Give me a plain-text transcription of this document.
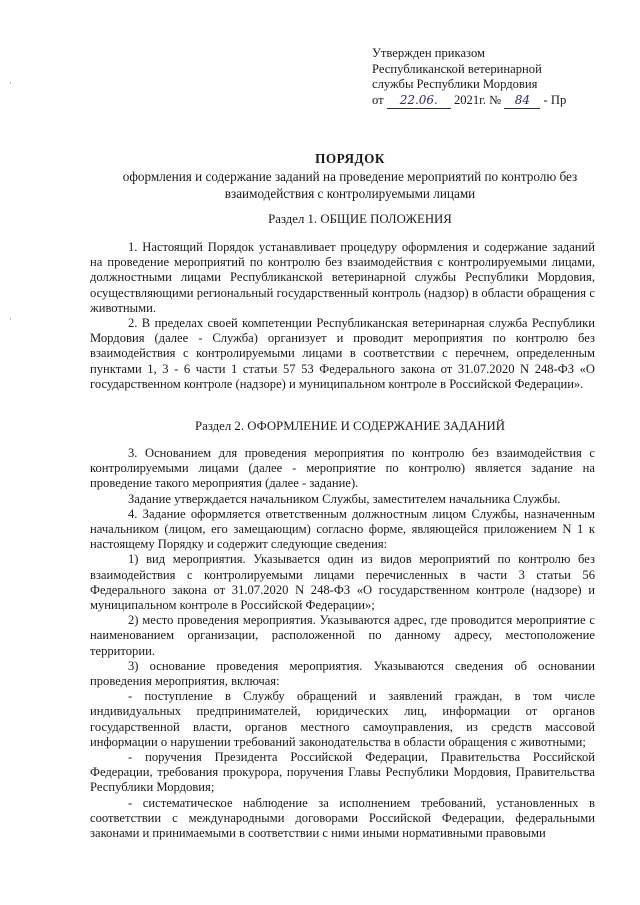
·
·
Утвержден приказом
Республиканской ветеринарной
службы Республики Мордовия
от 22.06. 2021г. № 84 - Пр

ПОРЯДОК

оформления и содержание заданий на проведение мероприятий по контролю без

взаимодействия с контролируемыми лицами

Раздел 1. ОБЩИЕ ПОЛОЖЕНИЯ

1. Настоящий Порядок устанавливает процедуру оформления и содержание заданий на проведение мероприятий по контролю без взаимодействия с контролируемыми лицами, должностными лицами Республиканской ветеринарной службы Республики Мордовия, осуществляющими региональный государственный контроль (надзор) в области обращения с животными.

2. В пределах своей компетенции Республиканская ветеринарная служба Республики Мордовия (далее - Служба) организует и проводит мероприятия по контролю без взаимодействия с контролируемыми лицами в соответствии с перечнем, определенным пунктами 1, 3 - 6 части 1 статьи 57 53 Федерального закона от 31.07.2020 N 248-ФЗ «О государственном контроле (надзоре) и муниципальном контроле в Российской Федерации».

Раздел 2. ОФОРМЛЕНИЕ И СОДЕРЖАНИЕ ЗАДАНИЙ

3. Основанием для проведения мероприятия по контролю без взаимодействия с контролируемыми лицами (далее - мероприятие по контролю) является задание на проведение такого мероприятия (далее - задание).

Задание утверждается начальником Службы, заместителем начальника Службы.

4. Задание оформляется ответственным должностным лицом Службы, назначенным начальником (лицом, его замещающим) согласно форме, являющейся приложением N 1 к настоящему Порядку и содержит следующие сведения:

1) вид мероприятия. Указывается один из видов мероприятий по контролю без взаимодействия с контролируемыми лицами перечисленных в части 3 статьи 56 Федерального закона от 31.07.2020 N 248-ФЗ «О государственном контроле (надзоре) и муниципальном контроле в Российской Федерации»;

2) место проведения мероприятия. Указываются адрес, где проводится мероприятие с наименованием организации, расположенной по данному адресу, местоположение территории.

3) основание проведения мероприятия. Указываются сведения об основании проведения мероприятия, включая:

- поступление в Службу обращений и заявлений граждан, в том числе индивидуальных предпринимателей, юридических лиц, информации от органов государственной власти, органов местного самоуправления, из средств массовой информации о нарушении требований законодательства в области обращения с животными;

- поручения Президента Российской Федерации, Правительства Российской Федерации, требования прокурора, поручения Главы Республики Мордовия, Правительства Республики Мордовия;

- систематическое наблюдение за исполнением требований, установленных в соответствии с международными договорами Российской Федерации, федеральными законами и принимаемыми в соответствии с ними иными нормативными правовыми
